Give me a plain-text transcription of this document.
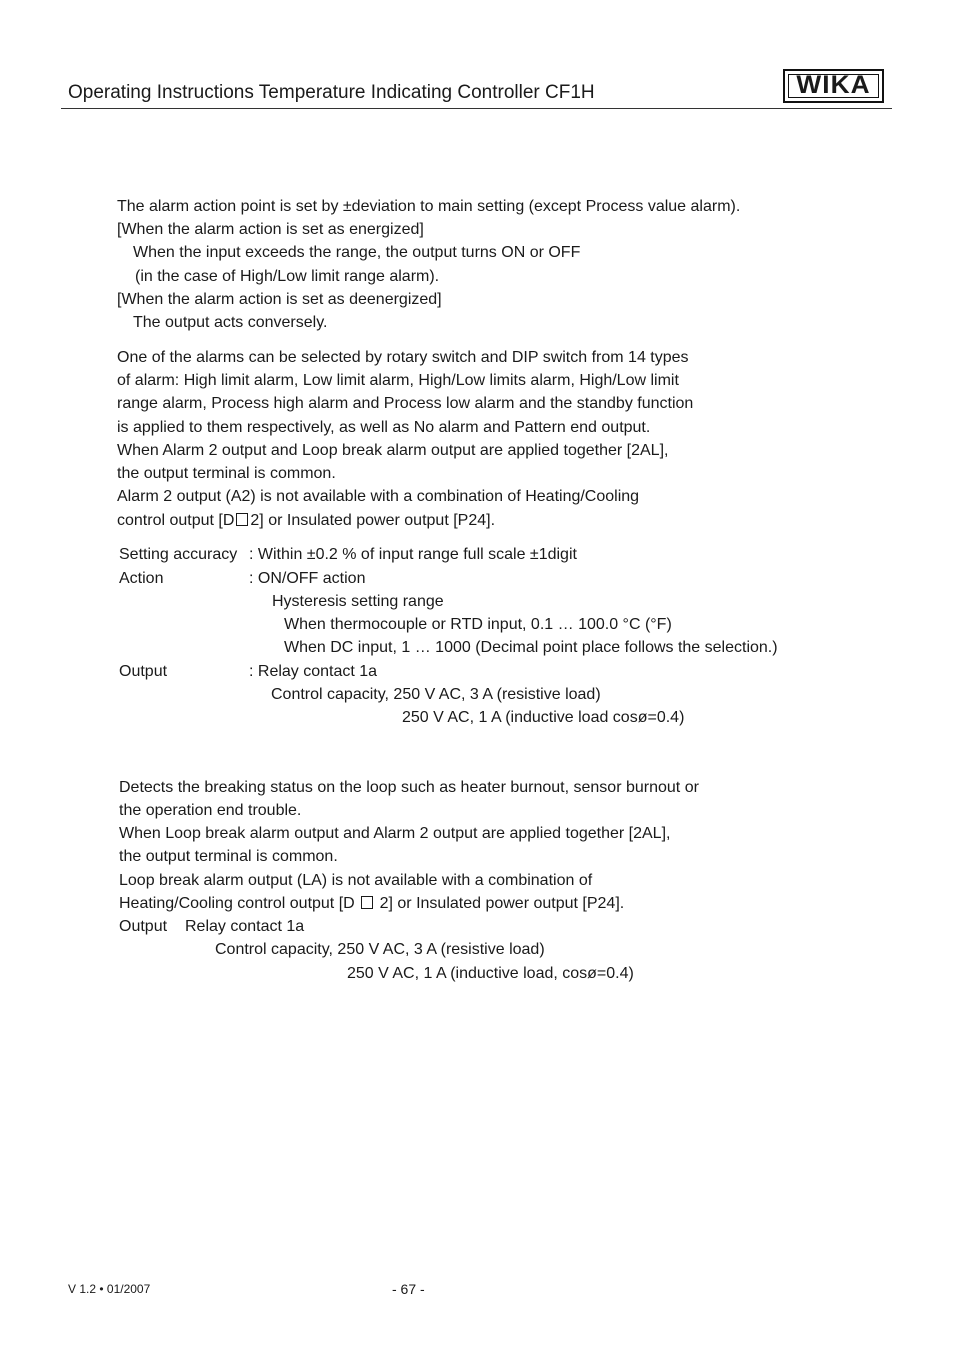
Operating Instructions Temperature Indicating Controller CF1H	WIKA
The alarm action point is set by ±deviation to main setting (except Process value alarm).
[When the alarm action is set as energized]
When the input exceeds the range, the output turns ON or OFF
(in the case of High/Low limit range alarm).
[When the alarm action is set as deenergized]
The output acts conversely.
One of the alarms can be selected by rotary switch and DIP switch from 14 types
of alarm: High limit alarm, Low limit alarm, High/Low limits alarm, High/Low limit
range alarm, Process high alarm and Process low alarm and the standby function
is applied to them respectively, as well as No alarm and Pattern end output.
When Alarm 2 output and Loop break alarm output are applied together [2AL],
the output terminal is common.
Alarm 2 output (A2) is not available with a combination of Heating/Cooling
control output [D 2] or Insulated power output [P24].
Setting accuracy : Within ±0.2 % of input range full scale ±1digit
Action	: ON/OFF action
Hysteresis setting range
When thermocouple or RTD input, 0.1 … 100.0 °C (°F)
When DC input, 1 … 1000 (Decimal point place follows the selection.)
Output	: Relay contact 1a
Control capacity, 250 V AC, 3 A (resistive load)
250 V AC, 1 A (inductive load cosø=0.4)
Detects the breaking status on the loop such as heater burnout, sensor burnout or
the operation end trouble.
When Loop break alarm output and Alarm 2 output are applied together [2AL],
the output terminal is common.
Loop break alarm output (LA) is not available with a combination of
Heating/Cooling control output [D 2] or Insulated power output [P24].
Output Relay contact 1a
Control capacity, 250 V AC, 3 A (resistive load)
250 V AC, 1 A (inductive load, cosø=0.4)
V 1.2 • 01/2007	- 67 -
